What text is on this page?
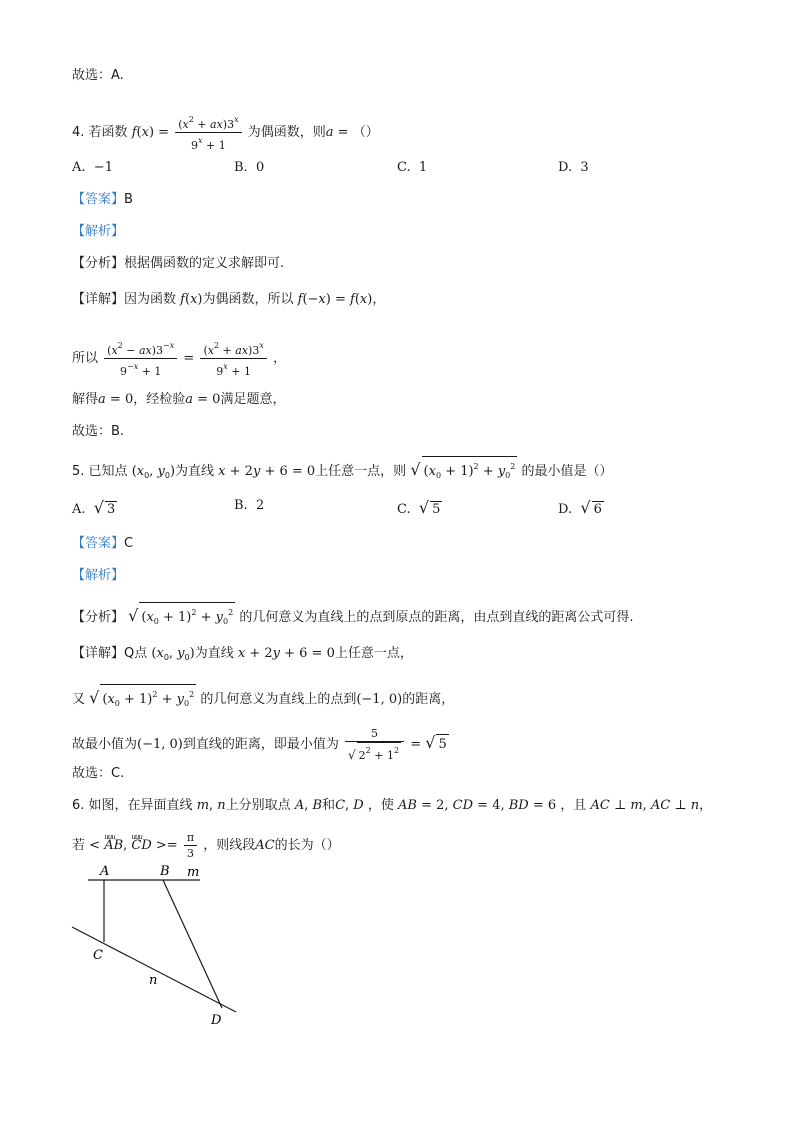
故选：A.
4. 若函数 $f(x) = \frac{(x^2 + ax)3^x}{9^x + 1}$ 为偶函数，则a = （）
A. −1	B. 0	C. 1	D. 3
【答案】B
【解析】
【分析】根据偶函数的定义求解即可.
【详解】因为函数 f(x)为偶函数，所以 f(−x) = f(x)，
所以 $\frac{(x^2 - ax)3^{-x}}{9^{-x} + 1} = \frac{(x^2 + ax)3^x}{9^x + 1}$ ，
解得a = 0，经检验a = 0满足题意，
故选：B.
5. 已知点 ($x_0$, $y_0$)为直线 x + 2y + 6 = 0上任意一点，则 √ $(x_0 + 1)^2 + y_0^2$ 的最小值是（）
A. √ 3	B. 2	C. √ 5	D. √ 6
【答案】C
【解析】
【分析】 √ $(x_0 + 1)^2 + y_0^2$ 的几何意义为直线上的点到原点的距离，由点到直线的距离公式可得.
【详解】Q点 ($x_0$, $y_0$)为直线 x + 2y + 6 = 0上任意一点，
又 √ $(x_0 + 1)^2 + y_0^2$ 的几何意义为直线上的点到(−1, 0)的距离，
故最小值为(−1, 0)到直线的距离，即最小值为 $\frac{5}{√ 2^2 + 1^2}$ = √ 5
故选：C.
6. 如图，在异面直线 m, n上分别取点 A, B和C, D ，使 AB = 2, CD = 4, BD = 6 ，且 AC ⊥ m, AC ⊥ n，
若 < uuu AB, uuu CD >= $\frac{\pi}{3}$ ，则线段AC的长为（）
A	B m
C
n
D
